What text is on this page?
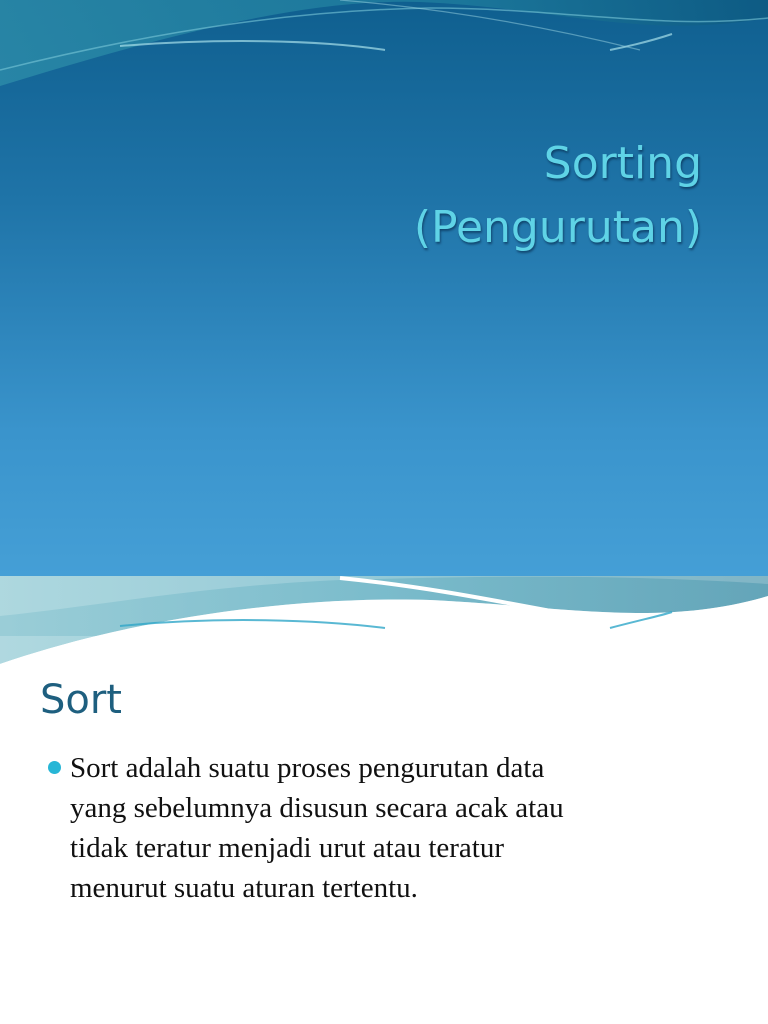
Sorting
(Pengurutan)
Sort
Sort adalah suatu proses pengurutan data
yang sebelumnya disusun secara acak atau
tidak teratur menjadi urut atau teratur
menurut suatu aturan tertentu.
